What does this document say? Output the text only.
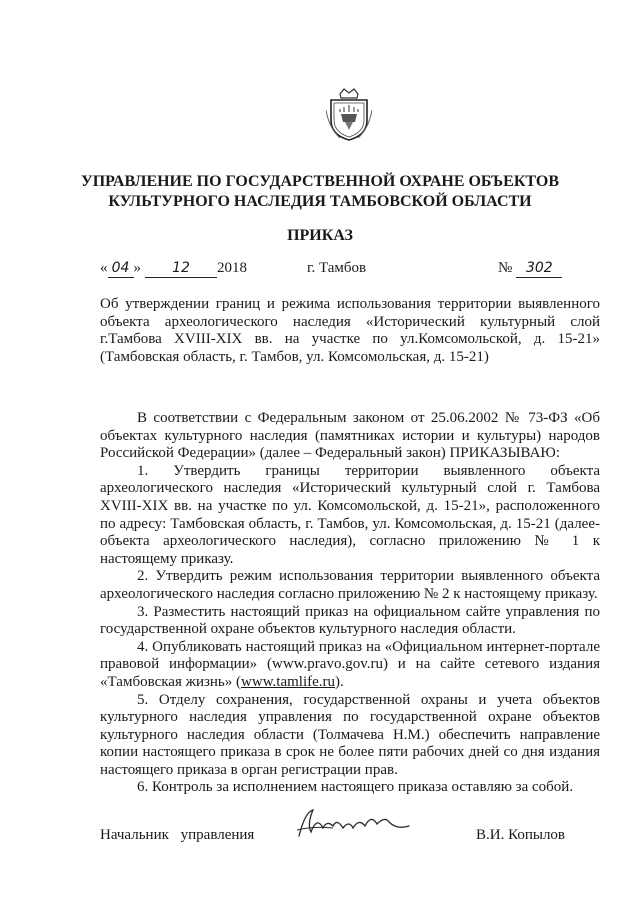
УПРАВЛЕНИЕ ПО ГОСУДАРСТВЕННОЙ ОХРАНЕ ОБЪЕКТОВ
КУЛЬТУРНОГО НАСЛЕДИЯ ТАМБОВСКОЙ ОБЛАСТИ
ПРИКАЗ
« 04 » 12 2018	г. Тамбов	№ 302
Об утверждении границ и режима использования территории выявленного
объекта археологического наследия «Исторический культурный слой
г.Тамбова XVIII-XIX вв. на участке по ул.Комсомольской, д. 15-21»
(Тамбовская область, г. Тамбов, ул. Комсомольская, д. 15-21)

В соответствии с Федеральным законом от 25.06.2002 № 73-ФЗ «Об объектах культурного наследия (памятниках истории и культуры) народов Российской Федерации» (далее – Федеральный закон) ПРИКАЗЫВАЮ:

1. Утвердить границы территории выявленного объекта археологического наследия «Исторический культурный слой г. Тамбова XVIII-XIX вв. на участке по ул. Комсомольской, д. 15-21», расположенного по адресу: Тамбовская область, г. Тамбов, ул. Комсомольская, д. 15-21 (далее-объекта археологического наследия), согласно приложению № 1 к настоящему приказу.

2. Утвердить режим использования территории выявленного объекта археологического наследия согласно приложению № 2 к настоящему приказу.

3. Разместить настоящий приказ на официальном сайте управления по государственной охране объектов культурного наследия области.

4. Опубликовать настоящий приказ на «Официальном интернет-портале правовой информации» (www.pravo.gov.ru) и на сайте сетевого издания «Тамбовская жизнь» (www.tamlife.ru).

5. Отделу сохранения, государственной охраны и учета объектов культурного наследия управления по государственной охране объектов культурного наследия области (Толмачева Н.М.) обеспечить направление копии настоящего приказа в срок не более пяти рабочих дней со дня издания настоящего приказа в орган регистрации прав.

6. Контроль за исполнением настоящего приказа оставляю за собой.

Начальник управления	В.И. Копылов
